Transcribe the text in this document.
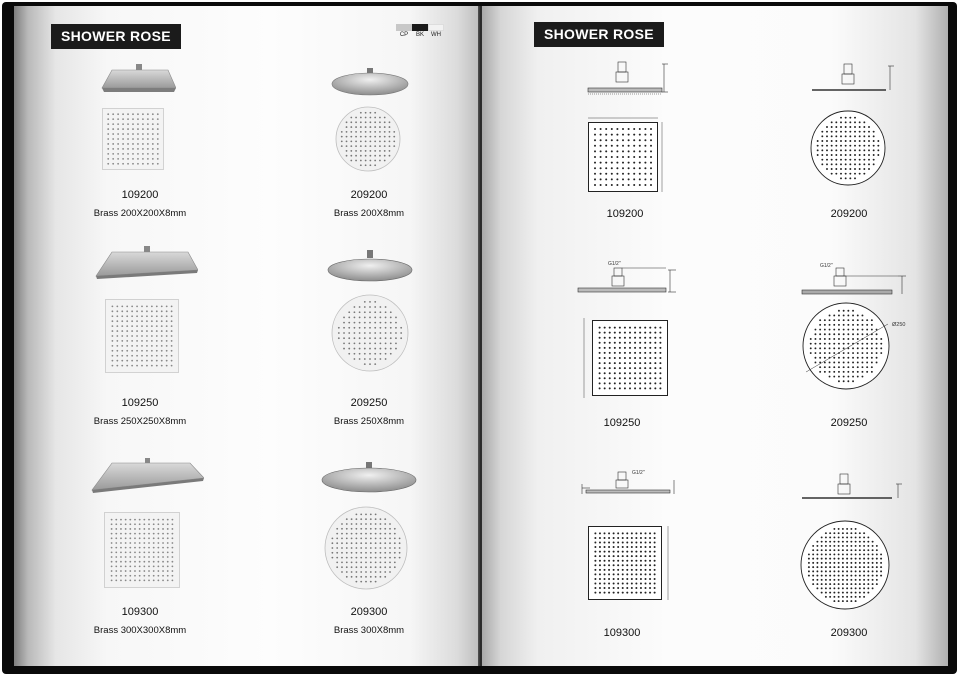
SHOWER ROSE	CP	BK	WH
109200
Brass 200X200X8mm
209200
Brass 200X8mm
109250
Brass 250X250X8mm
209250
Brass 250X8mm
109300
Brass 300X300X8mm
209300
Brass 300X8mm
SHOWER ROSE
109200	209200
G1/2"
109250
G1/2"
Ø250
209250
G1/2"
109300	209300
